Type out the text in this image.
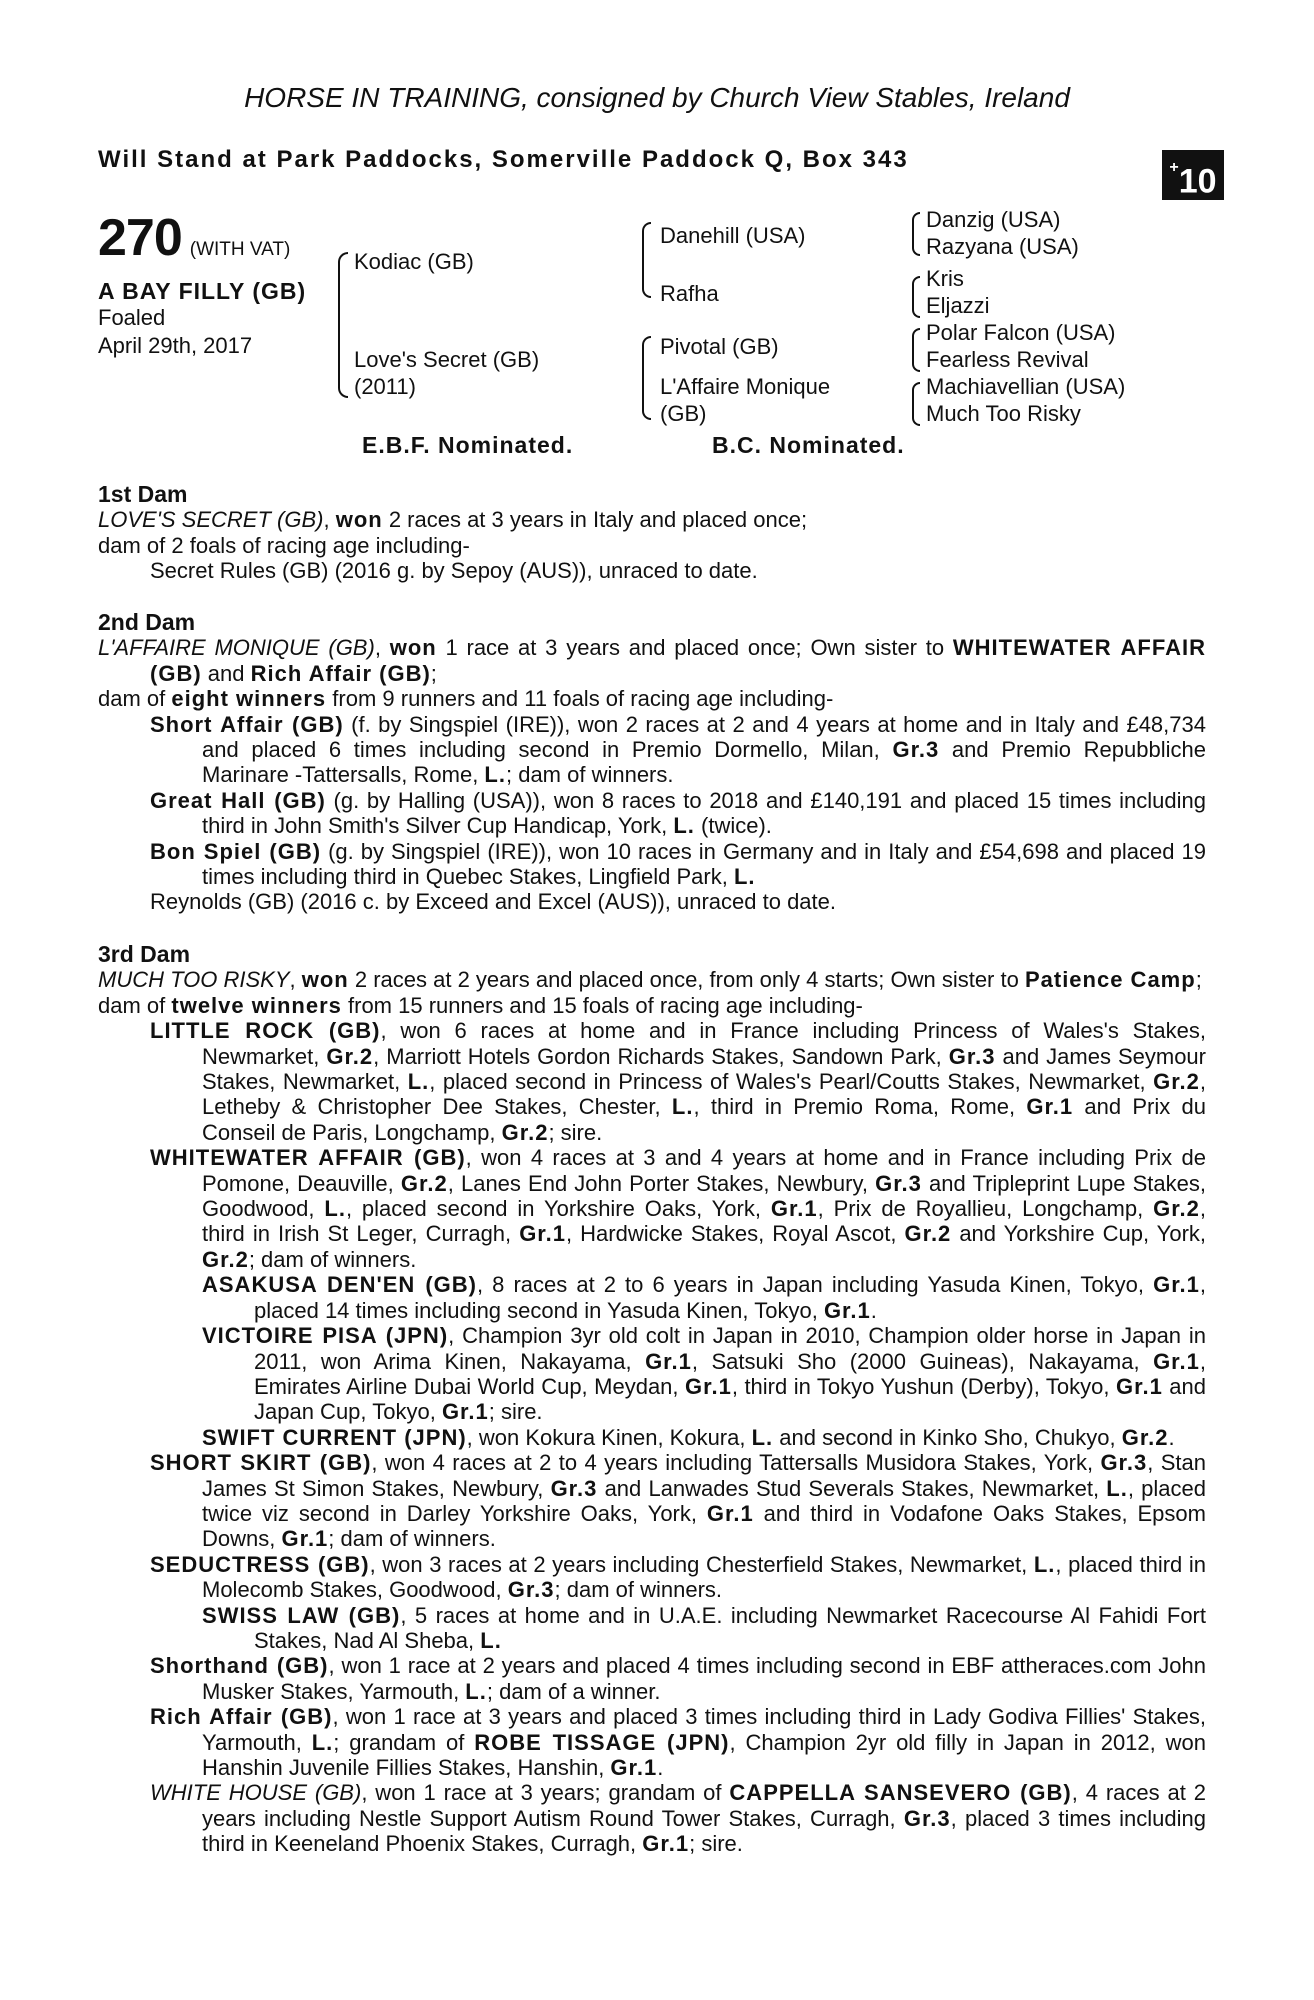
HORSE IN TRAINING, consigned by Church View Stables, Ireland
Will Stand at Park Paddocks, Somerville Paddock Q, Box 343	+10
270 (WITH VAT)
A BAY FILLY (GB)
Foaled
April 29th, 2017
Kodiac (GB)
Love's Secret (GB)
(2011)
Danehill (USA)
Rafha
Pivotal (GB)
L'Affaire Monique
(GB)
Danzig (USA)
Razyana (USA)
Kris
Eljazzi
Polar Falcon (USA)
Fearless Revival
Machiavellian (USA)
Much Too Risky
E.B.F. Nominated.	B.C. Nominated.
1st Dam

LOVE'S SECRET (GB), won 2 races at 3 years in Italy and placed once;

dam of 2 foals of racing age including-

Secret Rules (GB) (2016 g. by Sepoy (AUS)), unraced to date.

2nd Dam

L'AFFAIRE MONIQUE (GB), won 1 race at 3 years and placed once; Own sister to WHITEWATER AFFAIR (GB) and Rich Affair (GB);

dam of eight winners from 9 runners and 11 foals of racing age including-

Short Affair (GB) (f. by Singspiel (IRE)), won 2 races at 2 and 4 years at home and in Italy and £48,734 and placed 6 times including second in Premio Dormello, Milan, Gr.3 and Premio Repubbliche Marinare -Tattersalls, Rome, L.; dam of winners.

Great Hall (GB) (g. by Halling (USA)), won 8 races to 2018 and £140,191 and placed 15 times including third in John Smith's Silver Cup Handicap, York, L. (twice).

Bon Spiel (GB) (g. by Singspiel (IRE)), won 10 races in Germany and in Italy and £54,698 and placed 19 times including third in Quebec Stakes, Lingfield Park, L.

Reynolds (GB) (2016 c. by Exceed and Excel (AUS)), unraced to date.

3rd Dam

MUCH TOO RISKY, won 2 races at 2 years and placed once, from only 4 starts; Own sister to Patience Camp;

dam of twelve winners from 15 runners and 15 foals of racing age including-

LITTLE ROCK (GB), won 6 races at home and in France including Princess of Wales's Stakes, Newmarket, Gr.2, Marriott Hotels Gordon Richards Stakes, Sandown Park, Gr.3 and James Seymour Stakes, Newmarket, L., placed second in Princess of Wales's Pearl/Coutts Stakes, Newmarket, Gr.2, Letheby & Christopher Dee Stakes, Chester, L., third in Premio Roma, Rome, Gr.1 and Prix du Conseil de Paris, Longchamp, Gr.2; sire.

WHITEWATER AFFAIR (GB), won 4 races at 3 and 4 years at home and in France including Prix de Pomone, Deauville, Gr.2, Lanes End John Porter Stakes, Newbury, Gr.3 and Tripleprint Lupe Stakes, Goodwood, L., placed second in Yorkshire Oaks, York, Gr.1, Prix de Royallieu, Longchamp, Gr.2, third in Irish St Leger, Curragh, Gr.1, Hardwicke Stakes, Royal Ascot, Gr.2 and Yorkshire Cup, York, Gr.2; dam of winners.

ASAKUSA DEN'EN (GB), 8 races at 2 to 6 years in Japan including Yasuda Kinen, Tokyo, Gr.1, placed 14 times including second in Yasuda Kinen, Tokyo, Gr.1.

VICTOIRE PISA (JPN), Champion 3yr old colt in Japan in 2010, Champion older horse in Japan in 2011, won Arima Kinen, Nakayama, Gr.1, Satsuki Sho (2000 Guineas), Nakayama, Gr.1, Emirates Airline Dubai World Cup, Meydan, Gr.1, third in Tokyo Yushun (Derby), Tokyo, Gr.1 and Japan Cup, Tokyo, Gr.1; sire.

SWIFT CURRENT (JPN), won Kokura Kinen, Kokura, L. and second in Kinko Sho, Chukyo, Gr.2.

SHORT SKIRT (GB), won 4 races at 2 to 4 years including Tattersalls Musidora Stakes, York, Gr.3, Stan James St Simon Stakes, Newbury, Gr.3 and Lanwades Stud Severals Stakes, Newmarket, L., placed twice viz second in Darley Yorkshire Oaks, York, Gr.1 and third in Vodafone Oaks Stakes, Epsom Downs, Gr.1; dam of winners.

SEDUCTRESS (GB), won 3 races at 2 years including Chesterfield Stakes, Newmarket, L., placed third in Molecomb Stakes, Goodwood, Gr.3; dam of winners.

SWISS LAW (GB), 5 races at home and in U.A.E. including Newmarket Racecourse Al Fahidi Fort Stakes, Nad Al Sheba, L.

Shorthand (GB), won 1 race at 2 years and placed 4 times including second in EBF attheraces.com John Musker Stakes, Yarmouth, L.; dam of a winner.

Rich Affair (GB), won 1 race at 3 years and placed 3 times including third in Lady Godiva Fillies' Stakes, Yarmouth, L.; grandam of ROBE TISSAGE (JPN), Champion 2yr old filly in Japan in 2012, won Hanshin Juvenile Fillies Stakes, Hanshin, Gr.1.

WHITE HOUSE (GB), won 1 race at 3 years; grandam of CAPPELLA SANSEVERO (GB), 4 races at 2 years including Nestle Support Autism Round Tower Stakes, Curragh, Gr.3, placed 3 times including third in Keeneland Phoenix Stakes, Curragh, Gr.1; sire.
